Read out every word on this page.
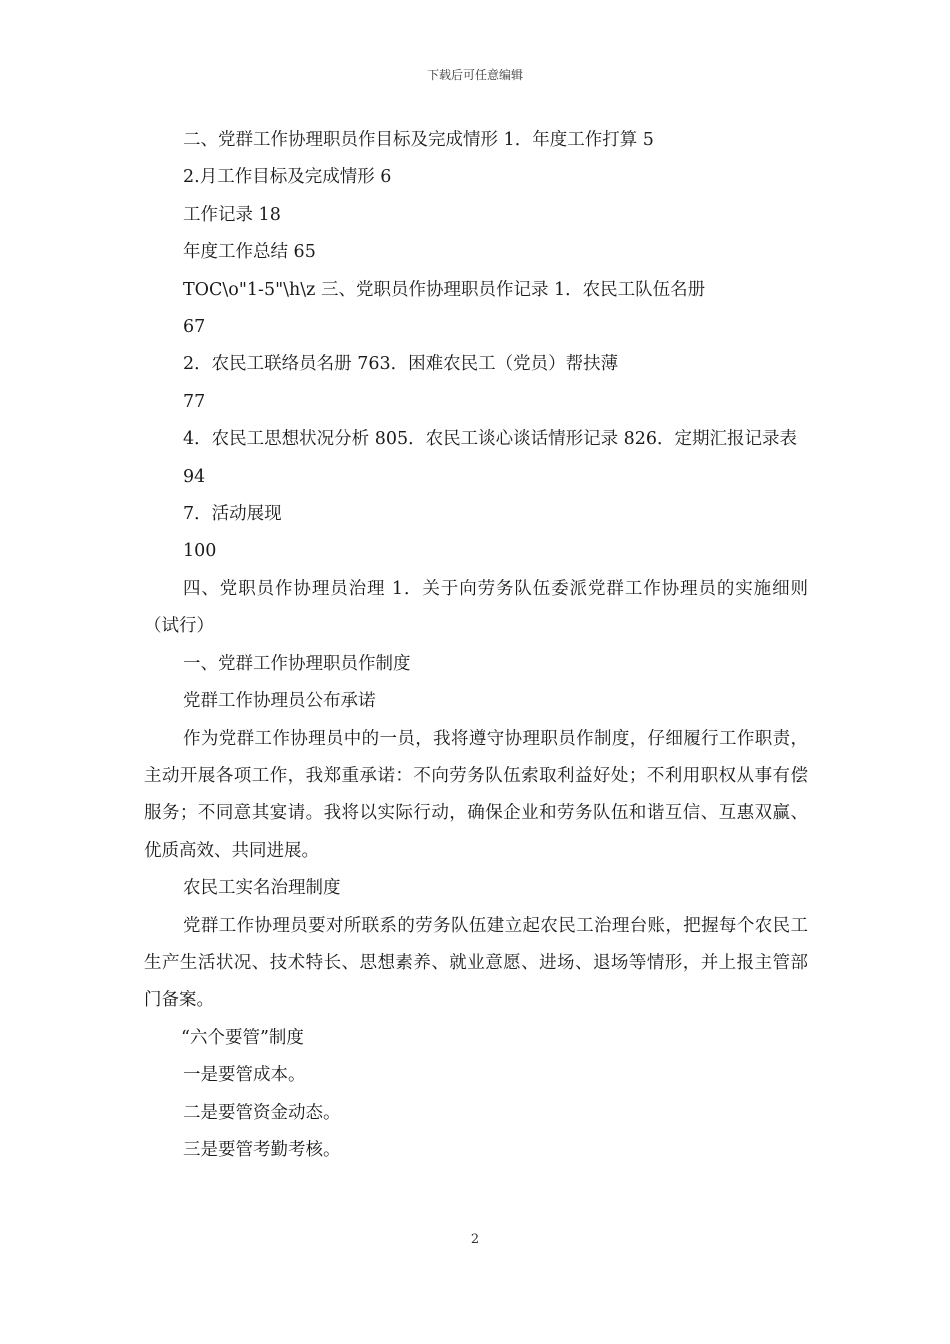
下载后可任意编辑

二、党群工作协理职员作目标及完成情形 1．年度工作打算 5

2.月工作目标及完成情形 6

工作记录 18

年度工作总结 65

TOC\o"1-5"\h\z 三、党职员作协理职员作记录 1．农民工队伍名册

67

2．农民工联络员名册 763．困难农民工（党员）帮扶薄

77

4．农民工思想状况分析 805．农民工谈心谈话情形记录 826．定期汇报记录表

94

7．活动展现

100

四、党职员作协理员治理 1．关于向劳务队伍委派党群工作协理员的实施细则（试行）

一、党群工作协理职员作制度

党群工作协理员公布承诺

作为党群工作协理员中的一员，我将遵守协理职员作制度，仔细履行工作职责，主动开展各项工作，我郑重承诺：不向劳务队伍索取利益好处；不利用职权从事有偿服务；不同意其宴请。我将以实际行动，确保企业和劳务队伍和谐互信、互惠双赢、优质高效、共同进展。

农民工实名治理制度

党群工作协理员要对所联系的劳务队伍建立起农民工治理台账，把握每个农民工生产生活状况、技术特长、思想素养、就业意愿、进场、退场等情形，并上报主管部门备案。

“六个要管”制度

一是要管成本。

二是要管资金动态。

三是要管考勤考核。

2
